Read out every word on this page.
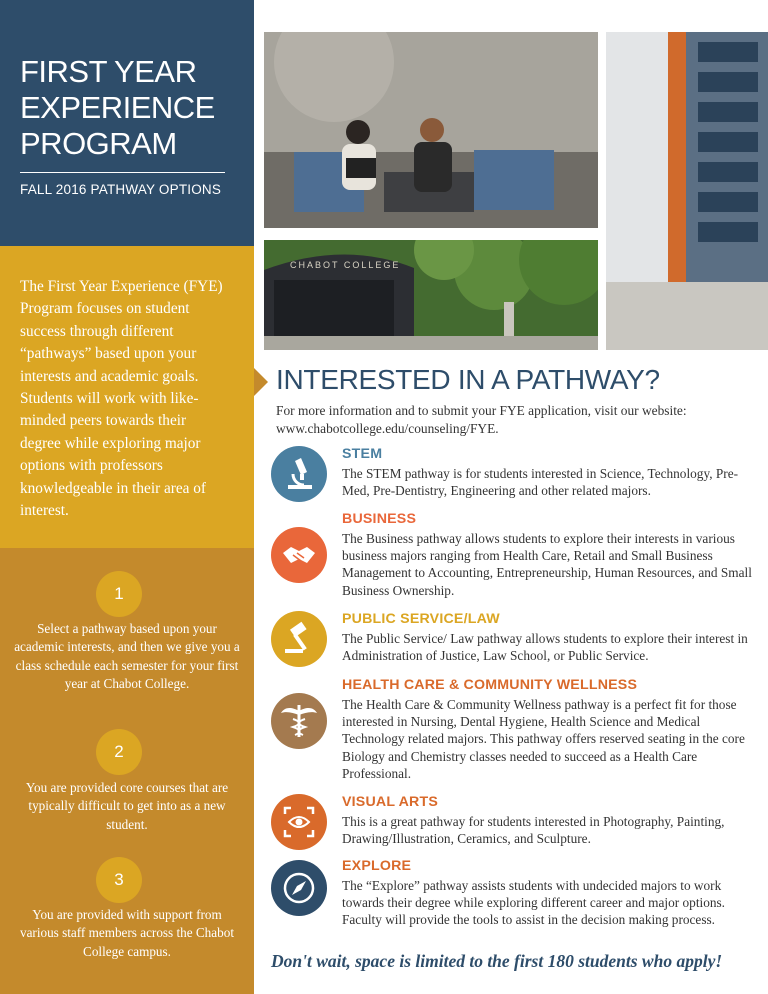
FIRST YEAR
EXPERIENCE
PROGRAM
FALL 2016 PATHWAY OPTIONS

The First Year Experience (FYE) Program focuses on student success through different “pathways” based upon your interests and academic goals. Students will work with like-minded peers towards their degree while exploring major options with professors knowledgeable in their area of interest.

1

Select a pathway based upon your academic interests, and then we give you a class schedule each semester for your first year at Chabot College.

2

You are provided core courses that are typically difficult to get into as a new student.

3

You are provided with support from various staff members across the Chabot College campus.

CHABOT COLLEGE
INTERESTED IN A PATHWAY?

For more information and to submit your FYE application, visit our website: www.chabotcollege.edu/counseling/FYE.

STEM

The STEM pathway is for students interested in Science, Technology, Pre-Med, Pre-Dentistry, Engineering and other related majors.

BUSINESS

The Business pathway allows students to explore their interests in various business majors ranging from Health Care, Retail and Small Business Management to Accounting, Entrepreneurship, Human Resources, and Small Business Ownership.

PUBLIC SERVICE/LAW

The Public Service/ Law pathway allows students to explore their interest in Administration of Justice, Law School, or Public Service.

HEALTH CARE & COMMUNITY WELLNESS

The Health Care & Community Wellness pathway is a perfect fit for those interested in Nursing, Dental Hygiene, Health Science and Medical Technology related majors. This pathway offers reserved seating in the core Biology and Chemistry classes needed to succeed as a Health Care Professional.

VISUAL ARTS

This is a great pathway for students interested in Photography, Painting, Drawing/Illustration, Ceramics, and Sculpture.

EXPLORE

The “Explore” pathway assists students with undecided majors to work towards their degree while exploring different career and major options. Faculty will provide the tools to assist in the decision making process.

Don't wait, space is limited to the first 180 students who apply!
